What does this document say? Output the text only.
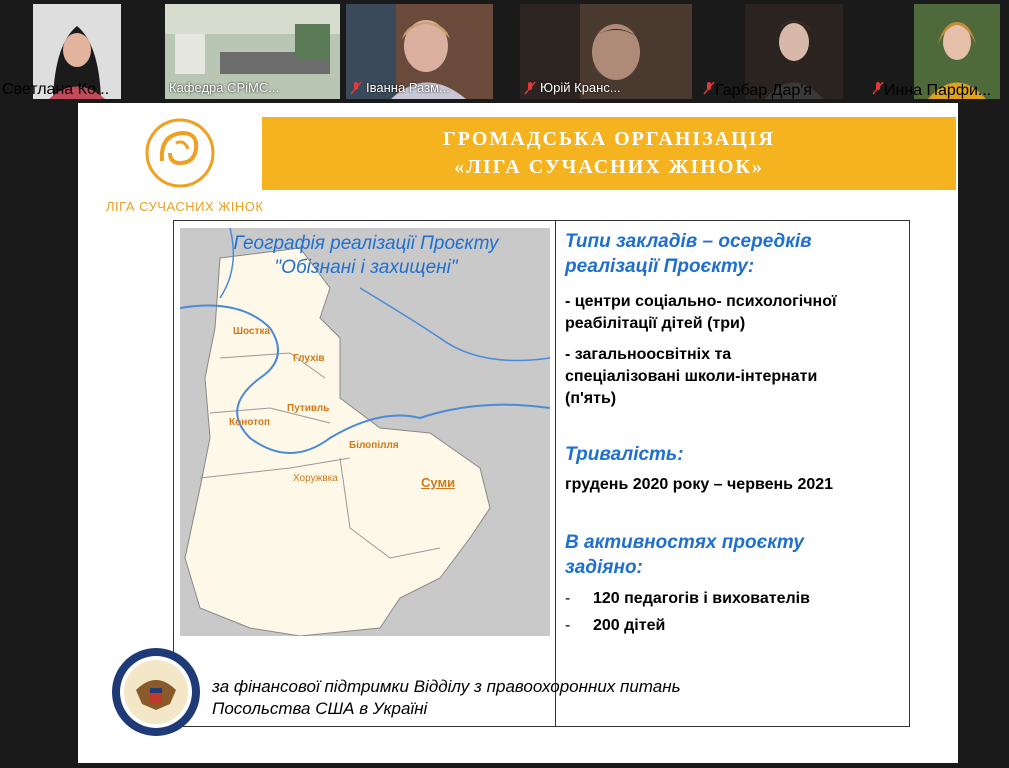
Светлана Ко...	Кафедра СРіМС...	Іванна Разм...	Юрій Кранс...	Гарбар Дар'я	Инна Парфи...
ЛІГА СУЧАСНИХ ЖІНОК
ГРОМАДСЬКА ОРГАНІЗАЦІЯ
«ЛІГА СУЧАСНИХ ЖІНОК»
Географія реалізації Проєкту
"Обізнані і захищені"
Шостка
Глухів
Путивль
Конотоп
Білопілля
Хоружвка	Суми
Типи закладів – осередків
реалізації Проєкту:
- центри соціально- психологічної
реабілітації дітей (три)
- загальноосвітніх та
спеціалізовані школи-інтернати
(п'ять)
Тривалість:
грудень 2020 року – червень 2021
В активностях проєкту
задіяно:
- 120 педагогів і вихователів
- 200 дітей
за фінансової підтримки Відділу з правоохоронних питань
Посольства США в Україні
